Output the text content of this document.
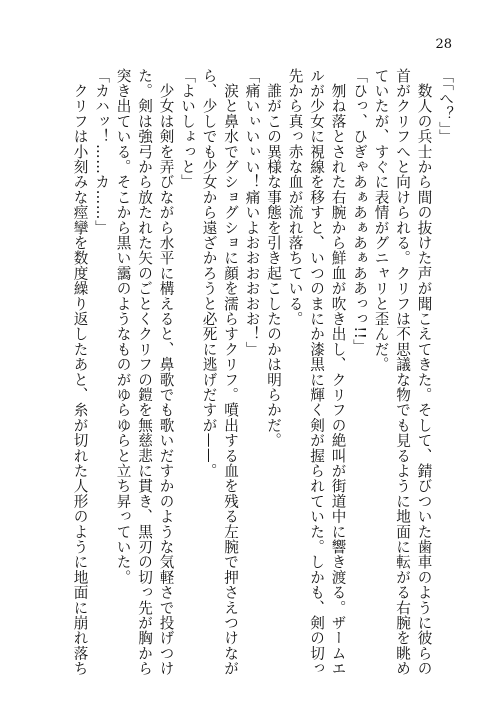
28
「「へ？」」
　数人の兵士から間の抜けた声が聞こえてきた。そして、錆びついた歯車のように彼らの
首がクリフへと向けられる。クリフは不思議な物でも見るように地面に転がる右腕を眺め
ていたが、すぐに表情がグニャリと歪んだ。
「ひっ、ひぎゃあぁあぁあぁああっっ!!」
　刎ね落とされた右腕から鮮血が吹き出し、クリフの絶叫が街道中に響き渡る。ザームエ
ルが少女に視線を移すと、いつのまにか漆黒に輝く剣が握られていた。しかも、剣の切っ
先から真っ赤な血が流れ落ちている。
　誰がこの異様な事態を引き起こしたのかは明らかだ。
「痛いぃいぃい！痛いよおおおおおお！」
　涙と鼻水でグショグショに顔を濡らすクリフ。噴出する血を残る左腕で押さえつけなが
ら、少しでも少女から遠ざかろうと必死に逃げだすが——。
「よいしょっと」
　少女は剣を弄びながら水平に構えると、鼻歌でも歌いだすかのような気軽さで投げつけ
た。剣は強弓から放たれた矢のごとくクリフの鎧を無慈悲に貫き、黒刃の切っ先が胸から
突き出ている。そこから黒い靄のようなものがゆらゆらと立ち昇っていた。
「カハッ！……カ……」
　クリフは小刻みな痙攣を数度繰り返したあと、糸が切れた人形のように地面に崩れ落ち
